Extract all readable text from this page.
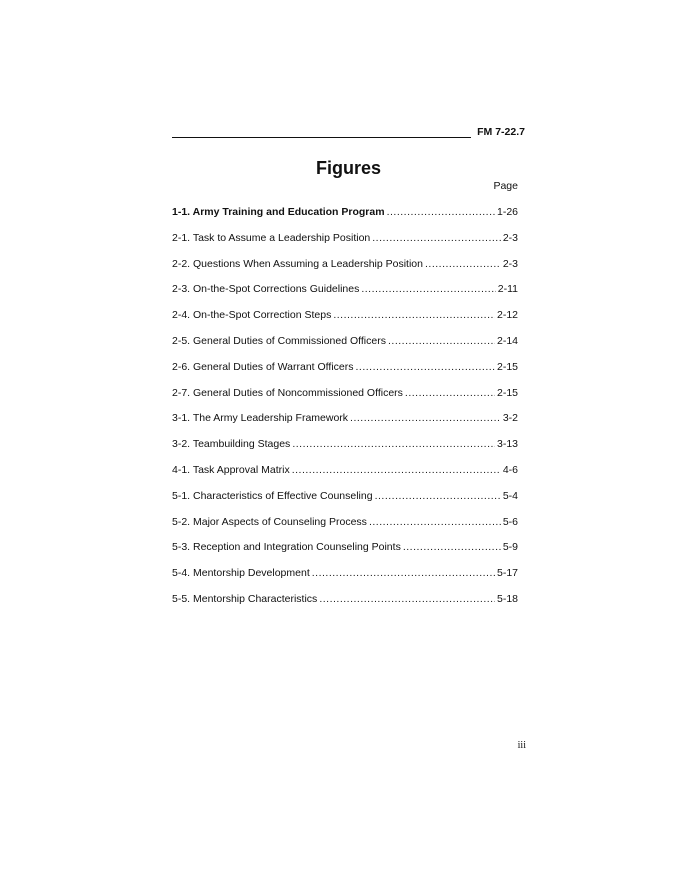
FM 7-22.7
Figures
Page
1-1. Army Training and Education Program .....	1-26
2-1. Task to Assume a Leadership Position .....	2-3
2-2. Questions When Assuming a Leadership Position .....	2-3
2-3. On-the-Spot Corrections Guidelines .....	2-11
2-4. On-the-Spot Correction Steps .....	2-12
2-5. General Duties of Commissioned Officers .....	2-14
2-6. General Duties of Warrant Officers .....	2-15
2-7. General Duties of Noncommissioned Officers .....	2-15
3-1. The Army Leadership Framework .....	3-2
3-2. Teambuilding Stages .....	3-13
4-1. Task Approval Matrix .....	4-6
5-1. Characteristics of Effective Counseling .....	5-4
5-2. Major Aspects of Counseling Process .....	5-6
5-3. Reception and Integration Counseling Points .....	5-9
5-4. Mentorship Development .....	5-17
5-5. Mentorship Characteristics .....	5-18
iii
